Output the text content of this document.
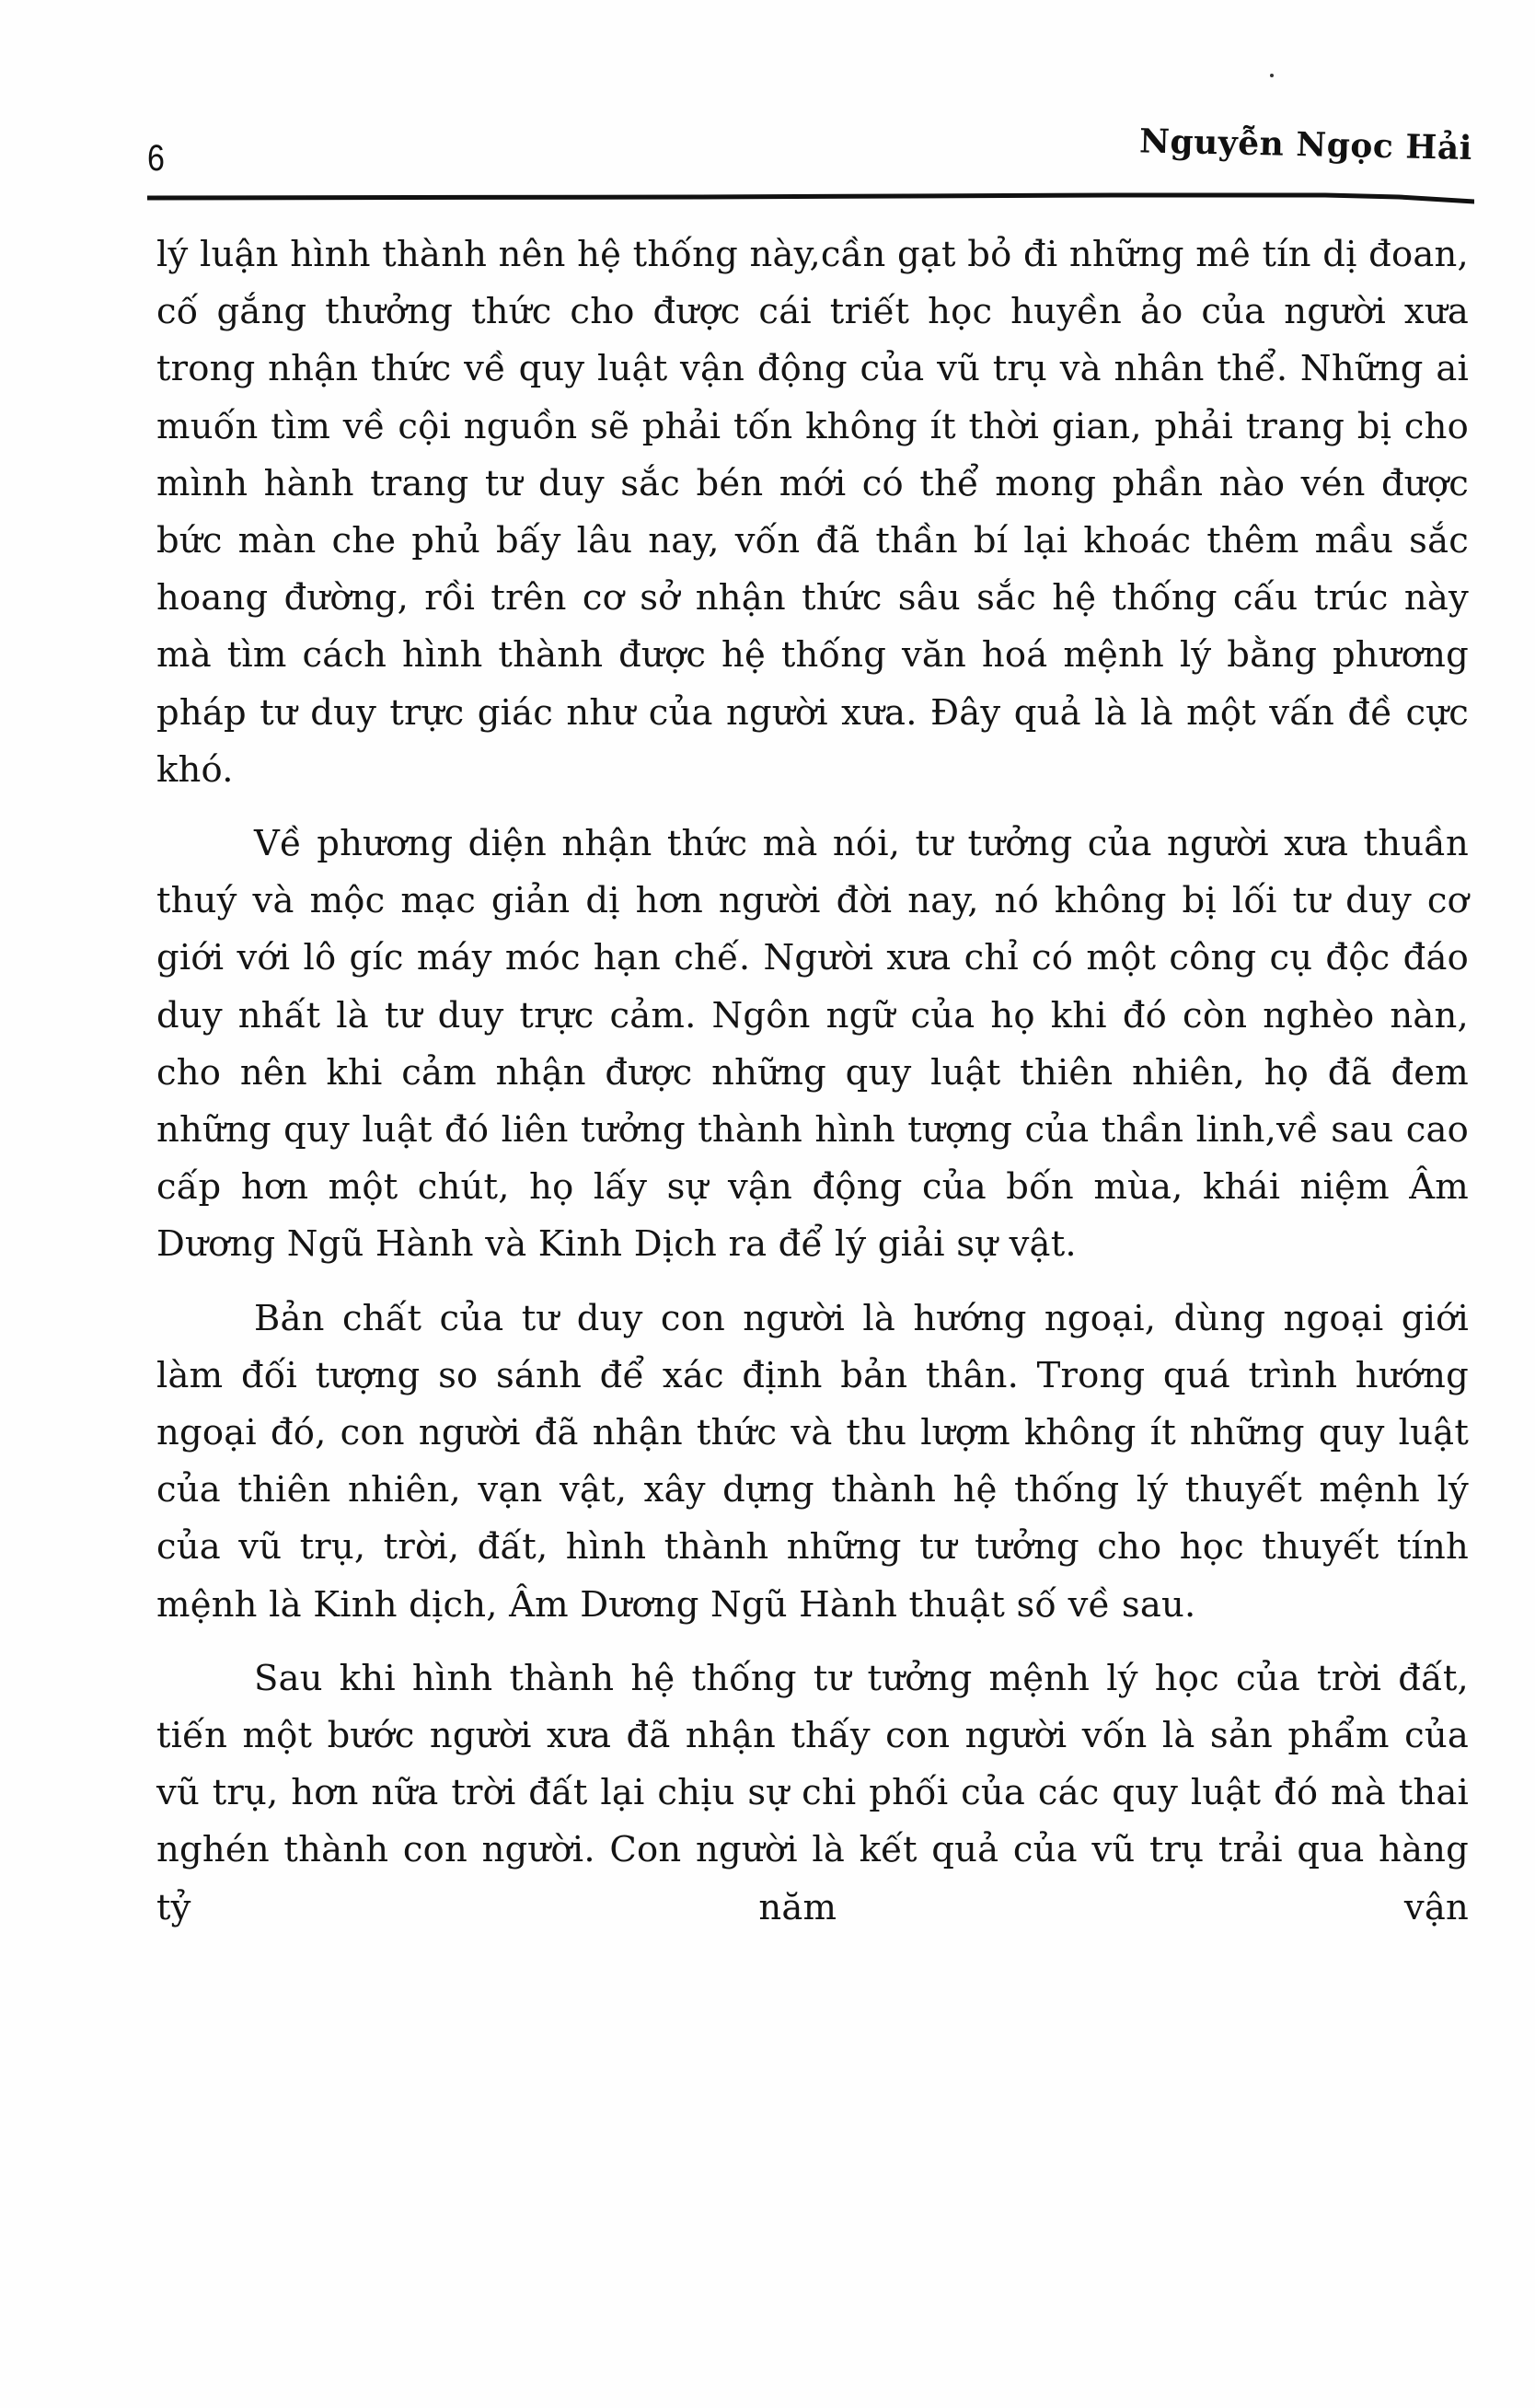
6	Nguyễn Ngọc Hải

lý luận hình thành nên hệ thống này,cần gạt bỏ đi những mê tín dị đoan, cố gắng thưởng thức cho được cái triết học huyền ảo của người xưa trong nhận thức về quy luật vận động của vũ trụ và nhân thể. Những ai muốn tìm về cội nguồn sẽ phải tốn không ít thời gian, phải trang bị cho mình hành trang tư duy sắc bén mới có thể mong phần nào vén được bức màn che phủ bấy lâu nay, vốn đã thần bí lại khoác thêm mầu sắc hoang đường, rồi trên cơ sở nhận thức sâu sắc hệ thống cấu trúc này mà tìm cách hình thành được hệ thống văn hoá mệnh lý bằng phương pháp tư duy trực giác như của người xưa. Đây quả là là một vấn đề cực khó.

Về phương diện nhận thức mà nói, tư tưởng của người xưa thuần thuý và mộc mạc giản dị hơn người đời nay, nó không bị lối tư duy cơ giới với lô gíc máy móc hạn chế. Người xưa chỉ có một công cụ độc đáo duy nhất là tư duy trực cảm. Ngôn ngữ của họ khi đó còn nghèo nàn, cho nên khi cảm nhận được những quy luật thiên nhiên, họ đã đem những quy luật đó liên tưởng thành hình tượng của thần linh,về sau cao cấp hơn một chút, họ lấy sự vận động của bốn mùa, khái niệm Âm Dương Ngũ Hành và Kinh Dịch ra để lý giải sự vật.

Bản chất của tư duy con người là hướng ngoại, dùng ngoại giới làm đối tượng so sánh để xác định bản thân. Trong quá trình hướng ngoại đó, con người đã nhận thức và thu lượm không ít những quy luật của thiên nhiên, vạn vật, xây dựng thành hệ thống lý thuyết mệnh lý của vũ trụ, trời, đất, hình thành những tư tưởng cho học thuyết tính mệnh là Kinh dịch, Âm Dương Ngũ Hành thuật số về sau.

Sau khi hình thành hệ thống tư tưởng mệnh lý học của trời đất, tiến một bước người xưa đã nhận thấy con người vốn là sản phẩm của vũ trụ, hơn nữa trời đất lại chịu sự chi phối của các quy luật đó mà thai nghén thành con người. Con người là kết quả của vũ trụ trải qua hàng tỷ năm vận
